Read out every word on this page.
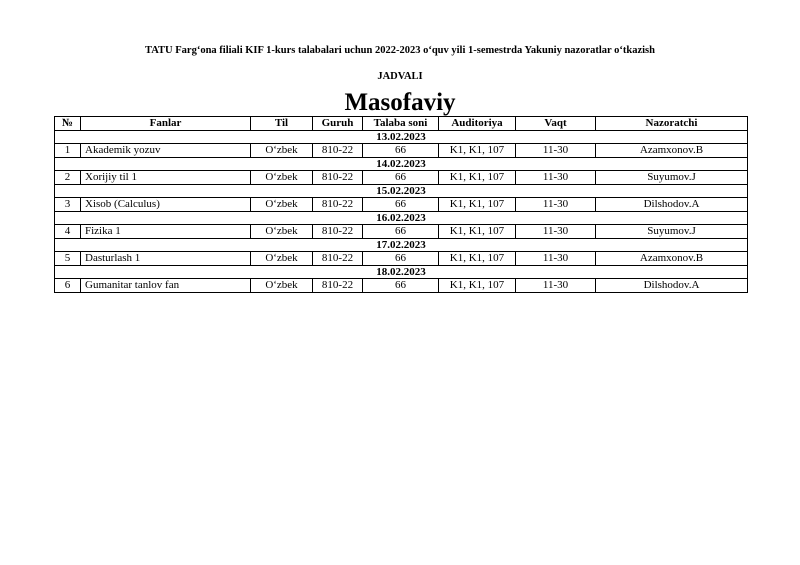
TATU Farg‘ona filiali KIF 1-kurs talabalari uchun 2022-2023 o‘quv yili 1-semestrda Yakuniy nazoratlar o‘tkazish
JADVALI
Masofaviy
№	Fanlar	Til	Guruh	Talaba soni	Auditoriya	Vaqt	Nazoratchi
13.02.2023							
1	Akademik yozuv	O‘zbek	810-22	66	K1, K1, 107	11-30	Azamxonov.B
14.02.2023							
2	Xorijiy til 1	O‘zbek	810-22	66	K1, K1, 107	11-30	Suyumov.J
15.02.2023							
3	Xisob (Calculus)	O‘zbek	810-22	66	K1, K1, 107	11-30	Dilshodov.A
16.02.2023							
4	Fizika 1	O‘zbek	810-22	66	K1, K1, 107	11-30	Suyumov.J
17.02.2023							
5	Dasturlash 1	O‘zbek	810-22	66	K1, K1, 107	11-30	Azamxonov.B
18.02.2023							
6	Gumanitar tanlov fan	O‘zbek	810-22	66	K1, K1, 107	11-30	Dilshodov.A
